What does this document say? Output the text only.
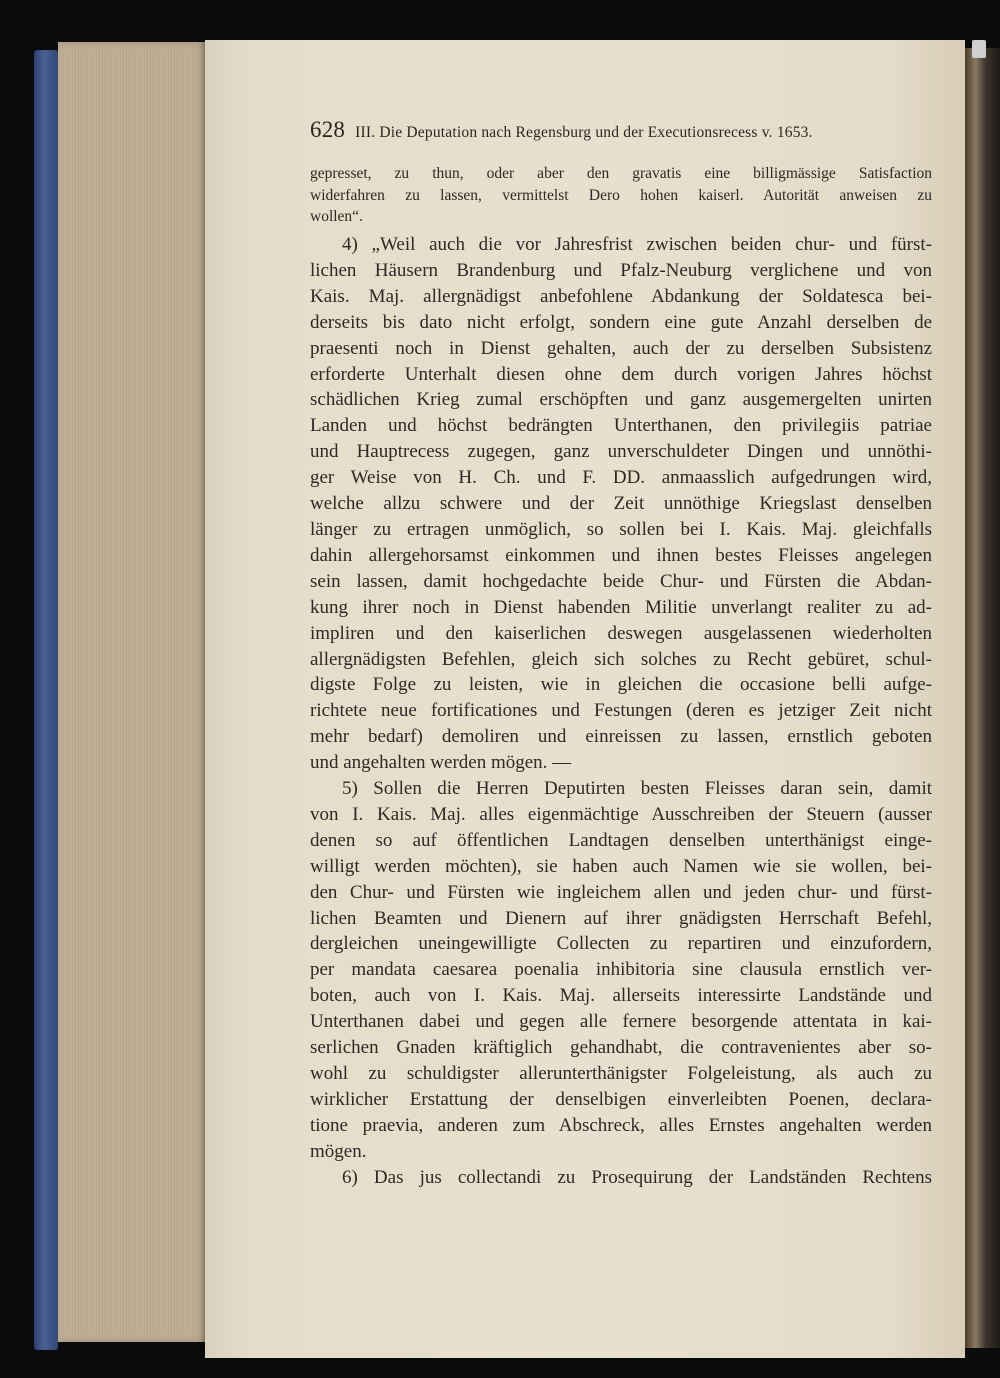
628 III. Die Deputation nach Regensburg und der Executionsrecess v. 1653.

gepresset, zu thun, oder aber den gravatis eine billigmässige Satisfaction

widerfahren zu lassen, vermittelst Dero hohen kaiserl. Autorität anweisen zu

wollen“.

4) „Weil auch die vor Jahresfrist zwischen beiden chur- und fürst-

lichen Häusern Brandenburg und Pfalz-Neuburg verglichene und von

Kais. Maj. allergnädigst anbefohlene Abdankung der Soldatesca bei-

derseits bis dato nicht erfolgt, sondern eine gute Anzahl derselben de

praesenti noch in Dienst gehalten, auch der zu derselben Subsistenz

erforderte Unterhalt diesen ohne dem durch vorigen Jahres höchst

schädlichen Krieg zumal erschöpften und ganz ausgemergelten unirten

Landen und höchst bedrängten Unterthanen, den privilegiis patriae

und Hauptrecess zugegen, ganz unverschuldeter Dingen und unnöthi-

ger Weise von H. Ch. und F. DD. anmaasslich aufgedrungen wird,

welche allzu schwere und der Zeit unnöthige Kriegslast denselben

länger zu ertragen unmöglich, so sollen bei I. Kais. Maj. gleichfalls

dahin allergehorsamst einkommen und ihnen bestes Fleisses angelegen

sein lassen, damit hochgedachte beide Chur- und Fürsten die Abdan-

kung ihrer noch in Dienst habenden Militie unverlangt realiter zu ad-

impliren und den kaiserlichen deswegen ausgelassenen wiederholten

allergnädigsten Befehlen, gleich sich solches zu Recht gebüret, schul-

digste Folge zu leisten, wie in gleichen die occasione belli aufge-

richtete neue fortificationes und Festungen (deren es jetziger Zeit nicht

mehr bedarf) demoliren und einreissen zu lassen, ernstlich geboten

und angehalten werden mögen. —

5) Sollen die Herren Deputirten besten Fleisses daran sein, damit

von I. Kais. Maj. alles eigenmächtige Ausschreiben der Steuern (ausser

denen so auf öffentlichen Landtagen denselben unterthänigst einge-

willigt werden möchten), sie haben auch Namen wie sie wollen, bei-

den Chur- und Fürsten wie ingleichem allen und jeden chur- und fürst-

lichen Beamten und Dienern auf ihrer gnädigsten Herrschaft Befehl,

dergleichen uneingewilligte Collecten zu repartiren und einzufordern,

per mandata caesarea poenalia inhibitoria sine clausula ernstlich ver-

boten, auch von I. Kais. Maj. allerseits interessirte Landstände und

Unterthanen dabei und gegen alle fernere besorgende attentata in kai-

serlichen Gnaden kräftiglich gehandhabt, die contravenientes aber so-

wohl zu schuldigster allerunterthänigster Folgeleistung, als auch zu

wirklicher Erstattung der denselbigen einverleibten Poenen, declara-

tione praevia, anderen zum Abschreck, alles Ernstes angehalten werden

mögen.

6) Das jus collectandi zu Prosequirung der Landständen Rechtens
